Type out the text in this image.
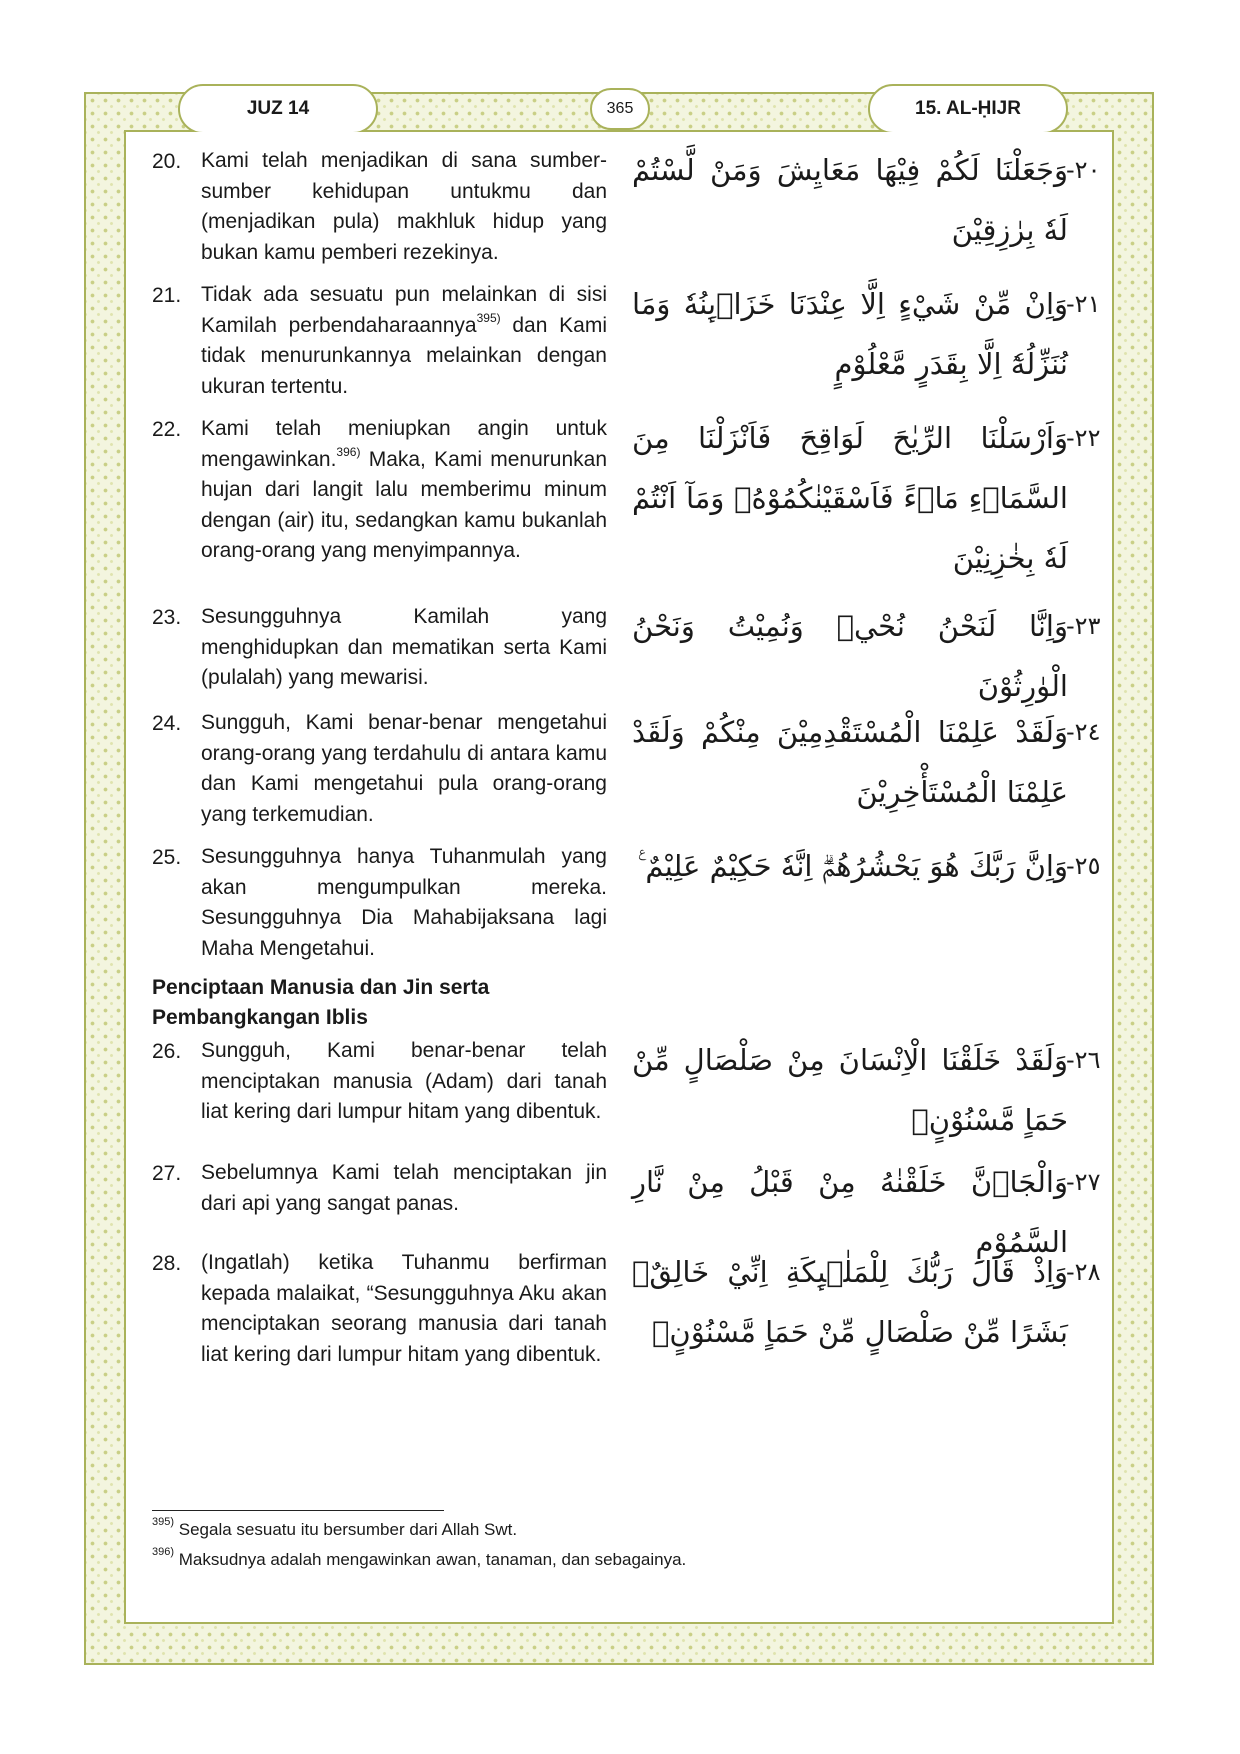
JUZ 14	365	15. AL-ḤIJR
20. Kami telah menjadikan di sana sumber-sumber kehidupan untukmu dan (menjadikan pula) makhluk hidup yang bukan kamu pemberi rezekinya.
وَجَعَلْنَا لَكُمْ فِيْهَا مَعَايِشَ وَمَنْ لَّسْتُمْ لَهٗ بِرٰزِقِيْنَ
-٢٠
21. Tidak ada sesuatu pun melainkan di sisi Kamilah perbendaharaannya$^{395)}$ dan Kami tidak menurunkannya melainkan dengan ukuran tertentu.
وَاِنْ مِّنْ شَيْءٍ اِلَّا عِنْدَنَا خَزَاۤىِٕنُهٗ وَمَا نُنَزِّلُهٗٓ اِلَّا بِقَدَرٍ مَّعْلُوْمٍ
-٢١
22. Kami telah meniupkan angin untuk mengawinkan.$^{396)}$ Maka, Kami menurunkan hujan dari langit lalu memberimu minum dengan (air) itu, sedangkan kamu bukanlah orang-orang yang menyimpannya.
وَاَرْسَلْنَا الرِّيٰحَ لَوَاقِحَ فَاَنْزَلْنَا مِنَ السَّمَاۤءِ مَاۤءً فَاَسْقَيْنٰكُمُوْهُۚ وَمَآ اَنْتُمْ لَهٗ بِخٰزِنِيْنَ
-٢٢
23. Sesungguhnya Kamilah yang menghidupkan dan mematikan serta Kami (pulalah) yang mewarisi.
وَاِنَّا لَنَحْنُ نُحْيٖ وَنُمِيْتُ وَنَحْنُ الْوٰرِثُوْنَ
-٢٣
24. Sungguh, Kami benar-benar mengetahui orang-orang yang terdahulu di antara kamu dan Kami mengetahui pula orang-orang yang terkemudian.
وَلَقَدْ عَلِمْنَا الْمُسْتَقْدِمِيْنَ مِنْكُمْ وَلَقَدْ عَلِمْنَا الْمُسْتَأْخِرِيْنَ
-٢٤
25. Sesungguhnya hanya Tuhanmulah yang akan mengumpulkan mereka. Sesungguhnya Dia Mahabijaksana lagi Maha Mengetahui.
وَاِنَّ رَبَّكَ هُوَ يَحْشُرُهُمْۗ اِنَّهٗ حَكِيْمٌ عَلِيْمٌ ࣖ
-٢٥
Penciptaan Manusia dan Jin serta Pembangkangan Iblis
26. Sungguh, Kami benar-benar telah menciptakan manusia (Adam) dari tanah liat kering dari lumpur hitam yang dibentuk.
وَلَقَدْ خَلَقْنَا الْاِنْسَانَ مِنْ صَلْصَالٍ مِّنْ حَمَاٍ مَّسْنُوْنٍۚ
-٢٦
27. Sebelumnya Kami telah menciptakan jin dari api yang sangat panas.
وَالْجَاۤنَّ خَلَقْنٰهُ مِنْ قَبْلُ مِنْ نَّارِ السَّمُوْمِ
-٢٧
28. (Ingatlah) ketika Tuhanmu berfirman kepada malaikat, “Sesungguhnya Aku akan menciptakan seorang manusia dari tanah liat kering dari lumpur hitam yang dibentuk.
وَاِذْ قَالَ رَبُّكَ لِلْمَلٰۤىِٕكَةِ اِنِّيْ خَالِقٌۢ بَشَرًا مِّنْ صَلْصَالٍ مِّنْ حَمَاٍ مَّسْنُوْنٍۚ
-٢٨
$^{395)}$ Segala sesuatu itu bersumber dari Allah Swt.
$^{396)}$ Maksudnya adalah mengawinkan awan, tanaman, dan sebagainya.
